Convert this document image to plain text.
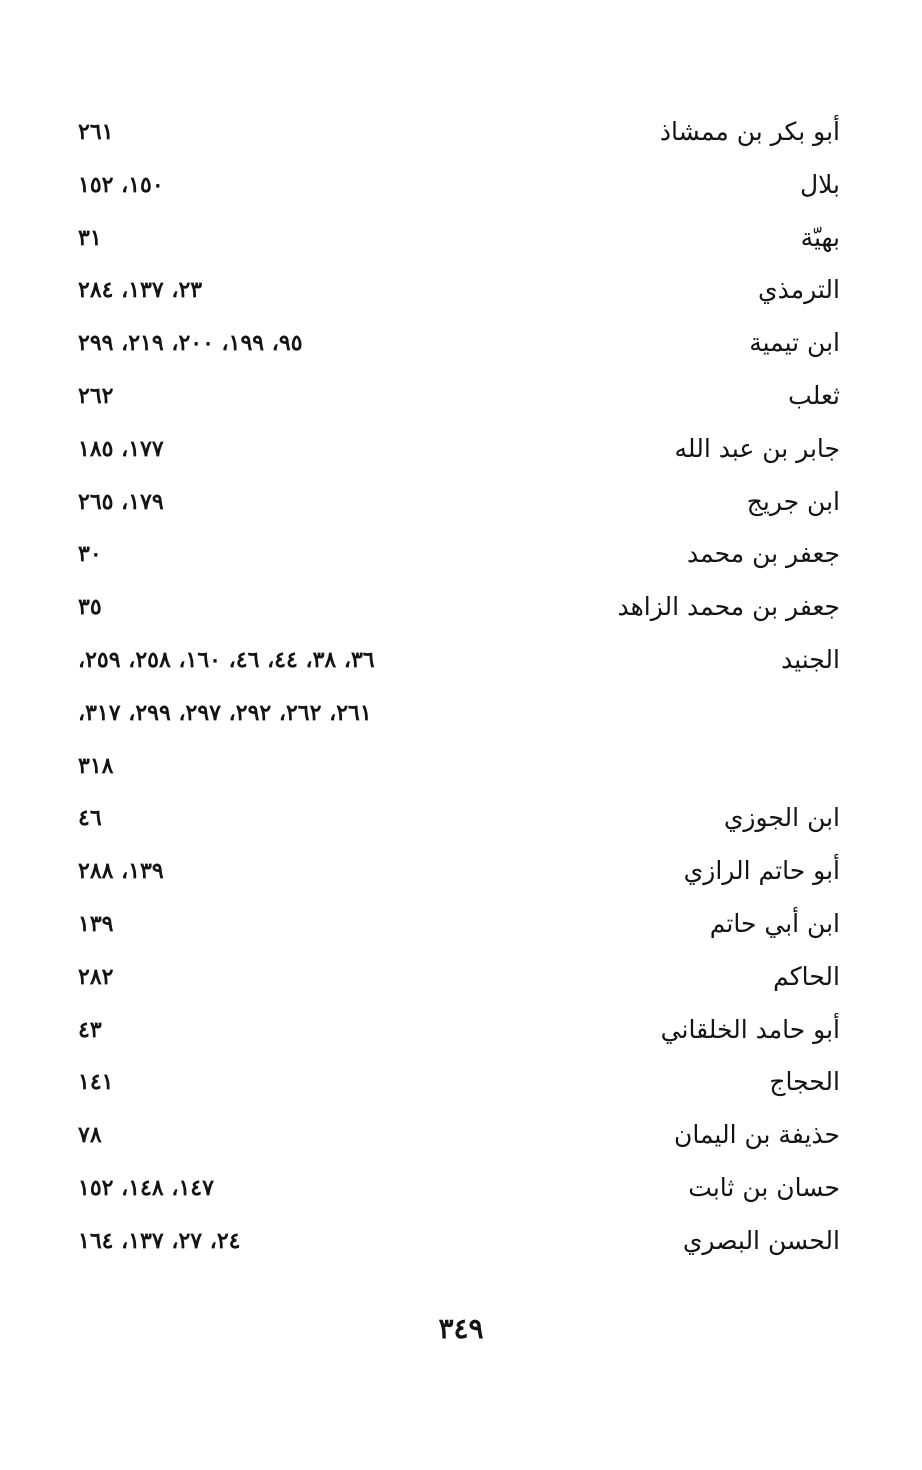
أبو بكر بن ممشاذ
٢٦١
بلال
١٥٠، ١٥٢
بهيّة
٣١
الترمذي
٢٣، ١٣٧، ٢٨٤
ابن تيمية
٩٥، ١٩٩، ٢٠٠، ٢١٩، ٢٩٩
ثعلب
٢٦٢
جابر بن عبد الله
١٧٧، ١٨٥
ابن جريج
١٧٩، ٢٦٥
جعفر بن محمد
٣٠
جعفر بن محمد الزاهد
٣٥
الجنيد
٣٦، ٣٨، ٤٤، ٤٦، ١٦٠، ٢٥٨، ٢٥٩،
٢٦١، ٢٦٢، ٢٩٢، ٢٩٧، ٢٩٩، ٣١٧،
٣١٨
ابن الجوزي
٤٦
أبو حاتم الرازي
١٣٩، ٢٨٨
ابن أبي حاتم
١٣٩
الحاكم
٢٨٢
أبو حامد الخلقاني
٤٣
الحجاج
١٤١
حذيفة بن اليمان
٧٨
حسان بن ثابت
١٤٧، ١٤٨، ١٥٢
الحسن البصري
٢٤، ٢٧، ١٣٧، ١٦٤
٣٤٩
